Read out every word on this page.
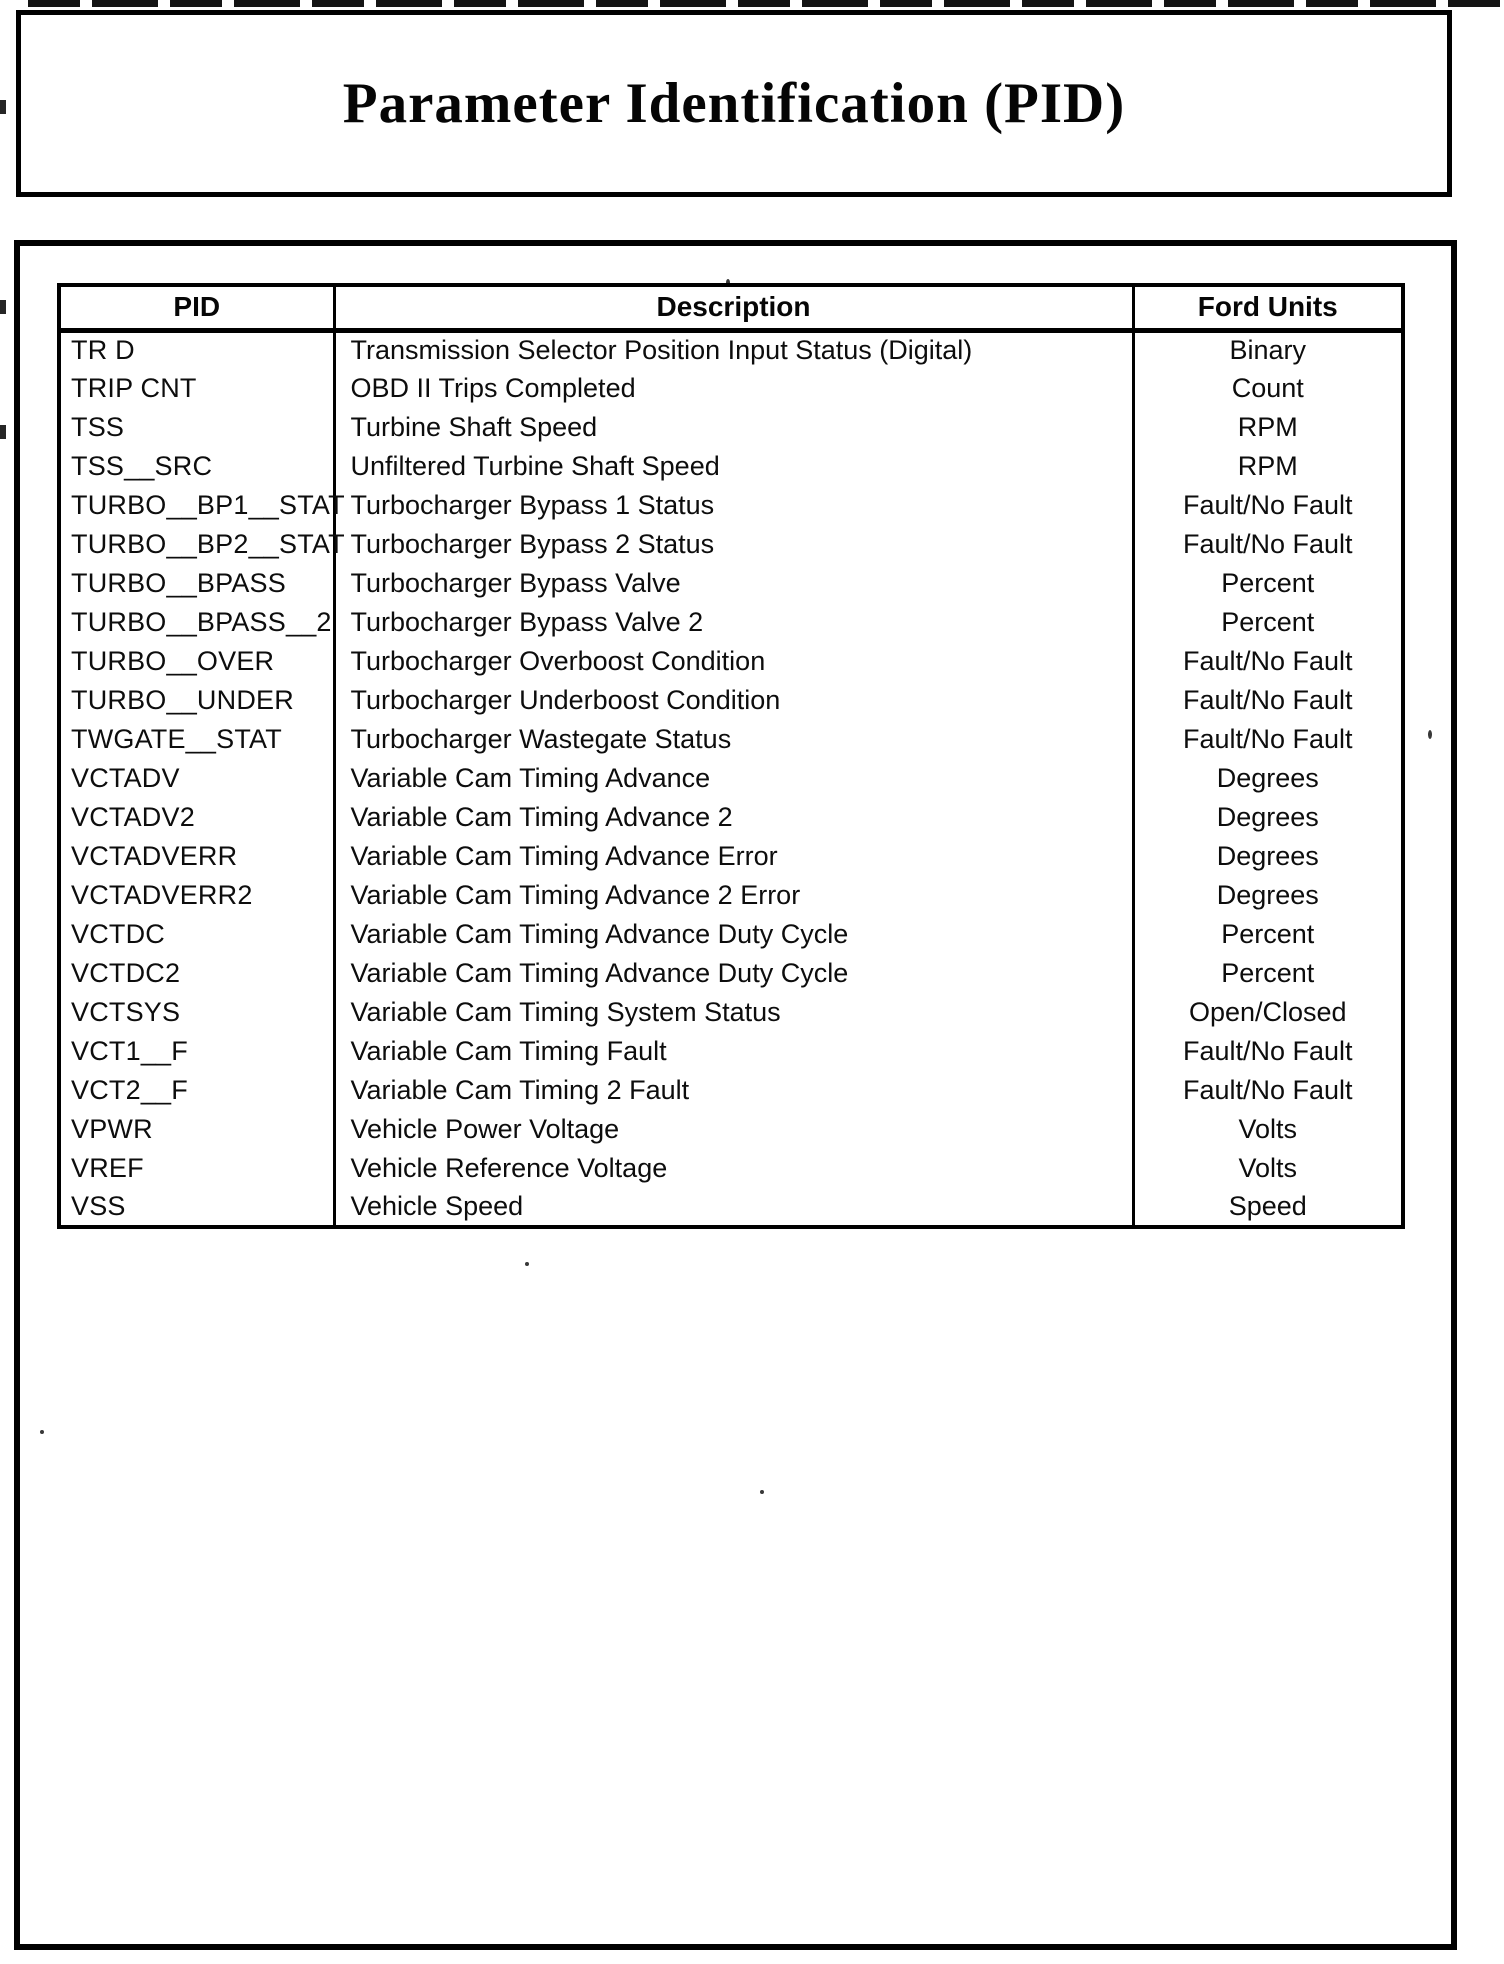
Parameter Identification (PID)
PID	Description	Ford Units
TR D	Transmission Selector Position Input Status (Digital)	Binary
TRIP CNT	OBD II Trips Completed	Count
TSS	Turbine Shaft Speed	RPM
TSS__SRC	Unfiltered Turbine Shaft Speed	RPM
TURBO__BP1__STAT	Turbocharger Bypass 1 Status	Fault/No Fault
TURBO__BP2__STAT	Turbocharger Bypass 2 Status	Fault/No Fault
TURBO__BPASS	Turbocharger Bypass Valve	Percent
TURBO__BPASS__2	Turbocharger Bypass Valve 2	Percent
TURBO__OVER	Turbocharger Overboost Condition	Fault/No Fault
TURBO__UNDER	Turbocharger Underboost Condition	Fault/No Fault
TWGATE__STAT	Turbocharger Wastegate Status	Fault/No Fault
VCTADV	Variable Cam Timing Advance	Degrees
VCTADV2	Variable Cam Timing Advance 2	Degrees
VCTADVERR	Variable Cam Timing Advance Error	Degrees
VCTADVERR2	Variable Cam Timing Advance 2 Error	Degrees
VCTDC	Variable Cam Timing Advance Duty Cycle	Percent
VCTDC2	Variable Cam Timing Advance Duty Cycle	Percent
VCTSYS	Variable Cam Timing System Status	Open/Closed
VCT1__F	Variable Cam Timing Fault	Fault/No Fault
VCT2__F	Variable Cam Timing 2 Fault	Fault/No Fault
VPWR	Vehicle Power Voltage	Volts
VREF	Vehicle Reference Voltage	Volts
VSS	Vehicle Speed	Speed
